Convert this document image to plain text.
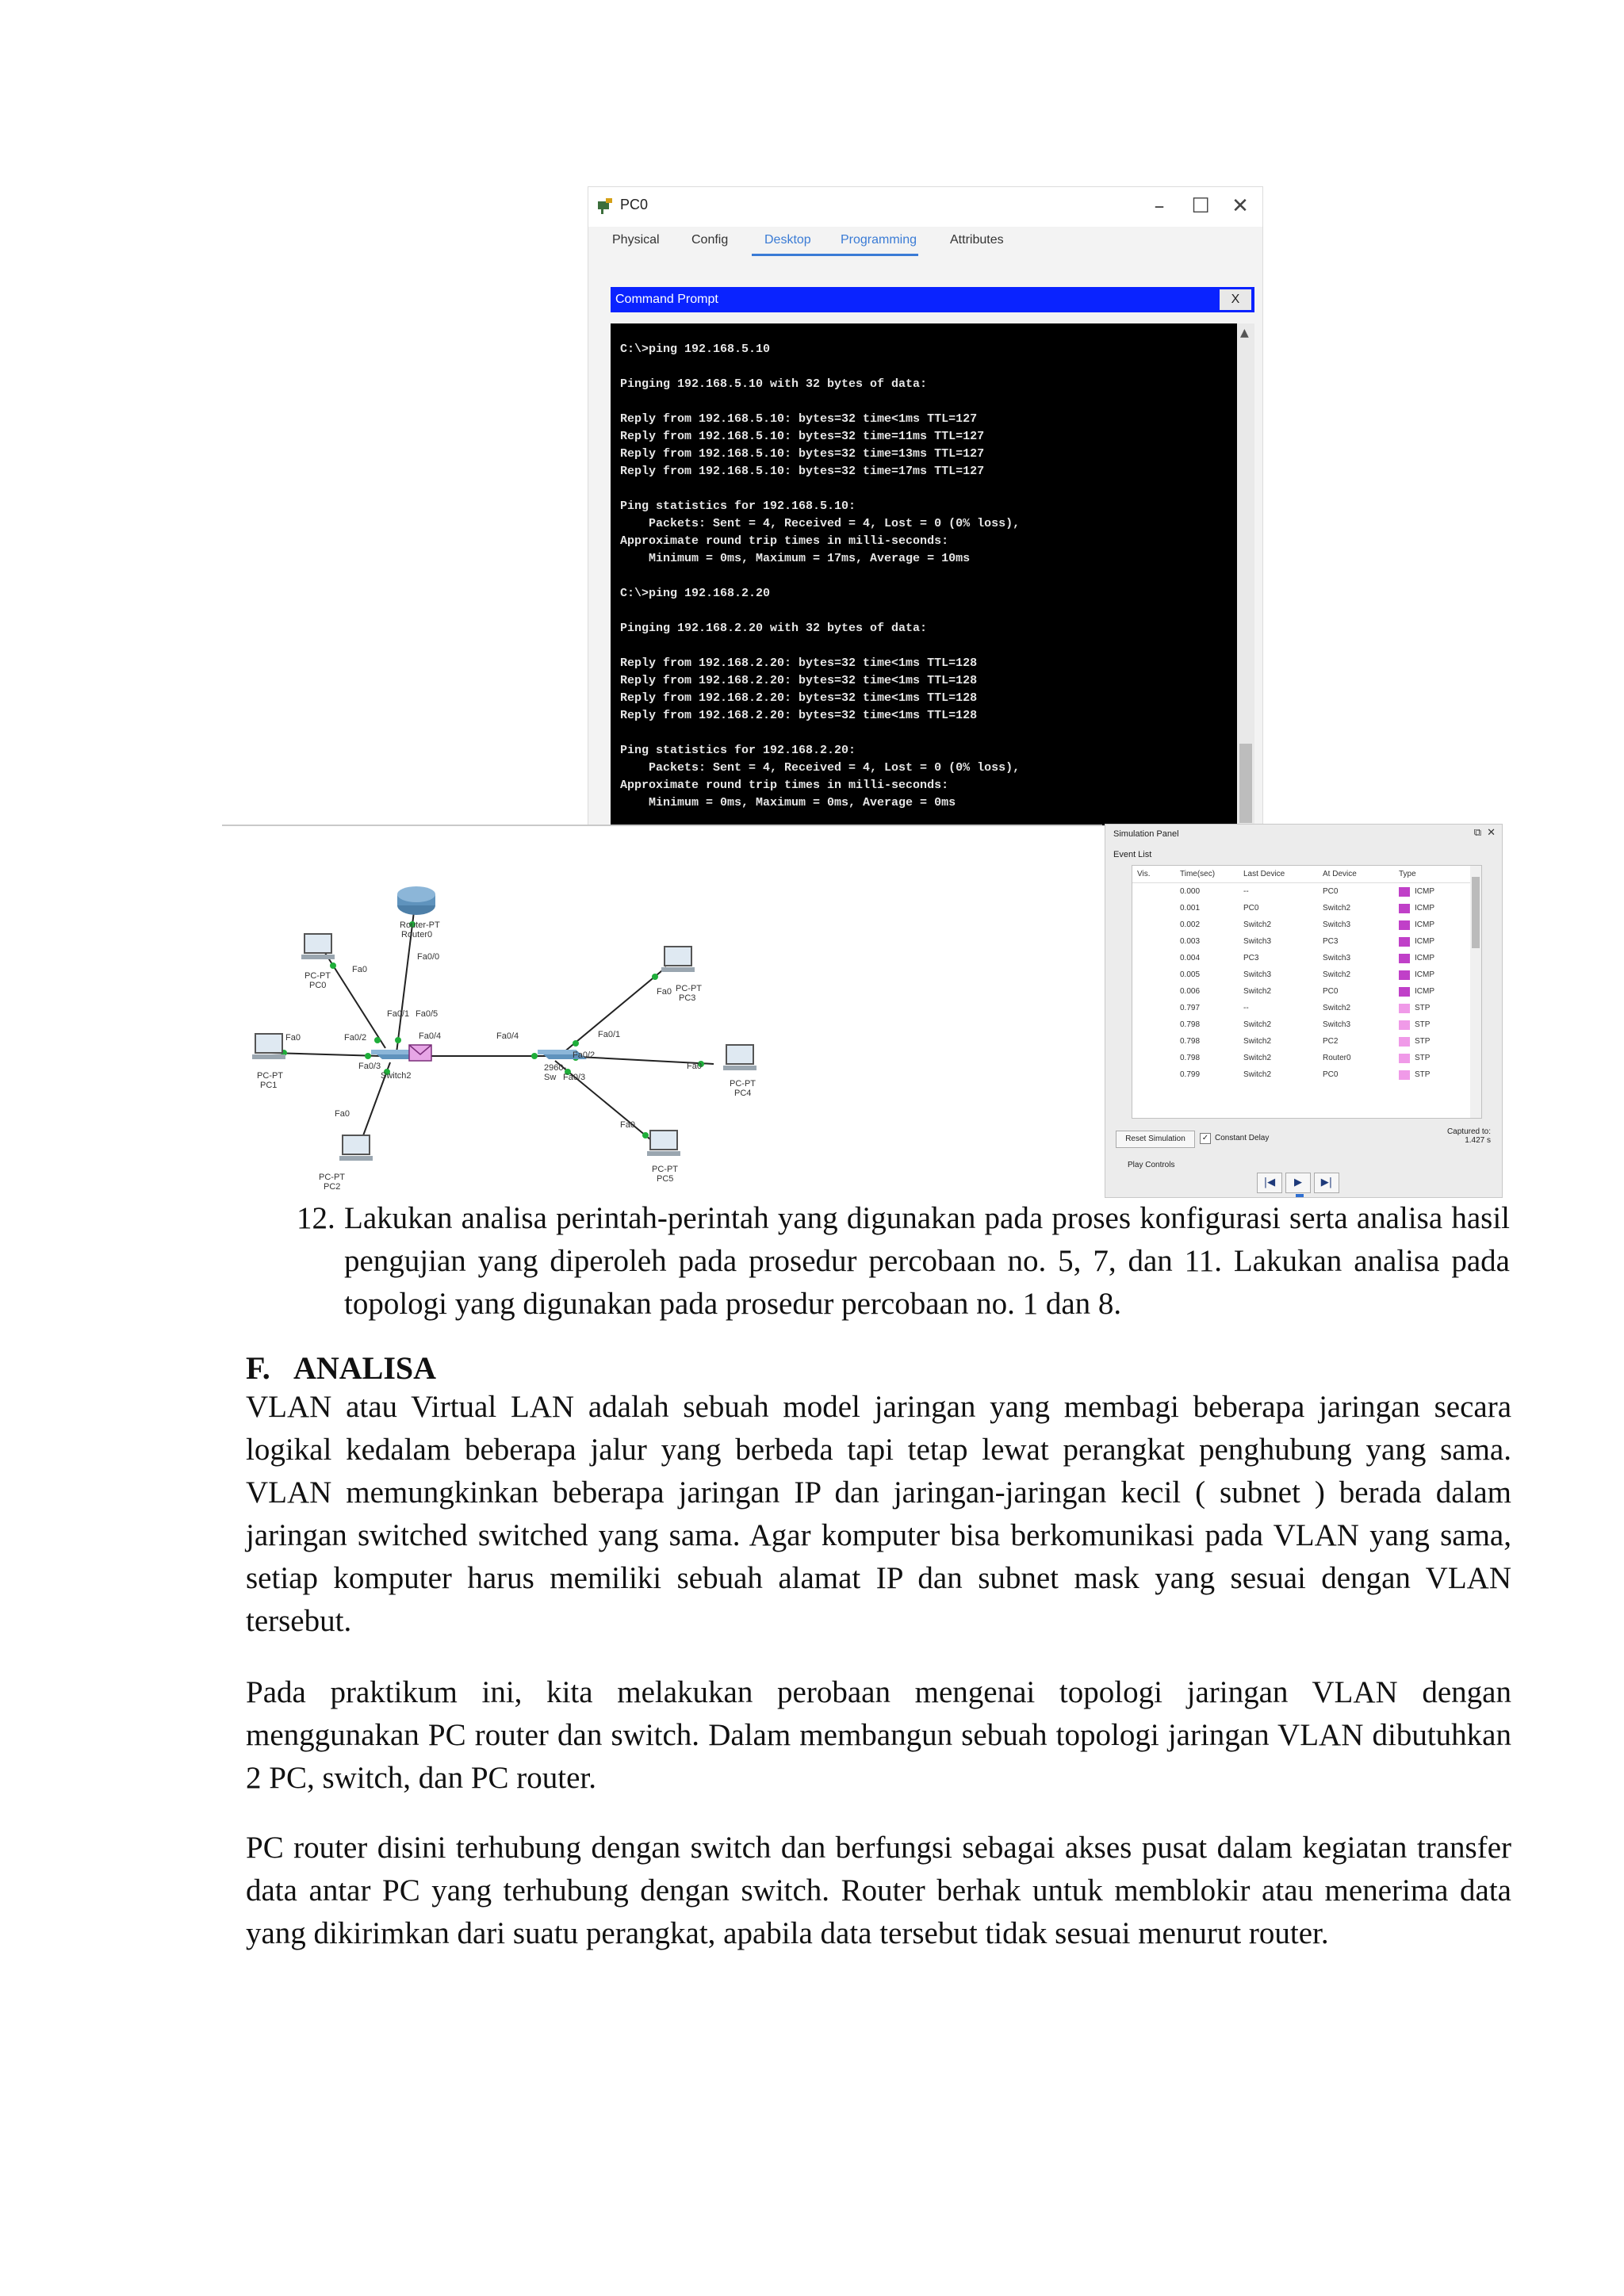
PC0	–	☐	✕
Physical	Config	Desktop Programming	Attributes
Command Prompt	X
C:\>ping 192.168.5.10
Pinging 192.168.5.10 with 32 bytes of data:
Reply from 192.168.5.10: bytes=32 time<1ms TTL=127
Reply from 192.168.5.10: bytes=32 time=11ms TTL=127
Reply from 192.168.5.10: bytes=32 time=13ms TTL=127
Reply from 192.168.5.10: bytes=32 time=17ms TTL=127
Ping statistics for 192.168.5.10:
Packets: Sent = 4, Received = 4, Lost = 0 (0% loss),
Approximate round trip times in milli-seconds:
Minimum = 0ms, Maximum = 17ms, Average = 10ms
C:\>ping 192.168.2.20
Pinging 192.168.2.20 with 32 bytes of data:
Reply from 192.168.2.20: bytes=32 time<1ms TTL=128
Reply from 192.168.2.20: bytes=32 time<1ms TTL=128
Reply from 192.168.2.20: bytes=32 time<1ms TTL=128
Reply from 192.168.2.20: bytes=32 time<1ms TTL=128
Ping statistics for 192.168.2.20:
Packets: Sent = 4, Received = 4, Lost = 0 (0% loss),
Approximate round trip times in milli-seconds:
Minimum = 0ms, Maximum = 0ms, Average = 0ms
▲
Router-PT
Router0
Fa0/0
Switch2
Fa0/1 Fa0/5
Fa0/2
Fa0/3
Fa0/4
2960-
Sw
Fa0/4	Fa0/1
Fa0/2
Fa0/3
PC-PT
PC0
Fa0
PC-PT
PC1
Fa0
PC-PT
PC2
Fa0
PC-PT
PC3
Fa0
PC-PT
PC4
Fa0
PC-PT
PC5
Fa0
Simulation Panel	⧉ ✕
Event List
Vis.	Time(sec)	Last Device	At Device	Type
0.000	--	PC0	ICMP
0.001	PC0	Switch2	ICMP
0.002	Switch2	Switch3	ICMP
0.003	Switch3	PC3	ICMP
0.004	PC3	Switch3	ICMP
0.005	Switch3	Switch2	ICMP
0.006	Switch2	PC0	ICMP
0.797	--	Switch2	STP
0.798	Switch2	Switch3	STP
0.798	Switch2	PC2	STP
0.798	Switch2	Router0	STP
0.799	Switch2	PC0	STP
Reset Simulation	✓ Constant Delay
Captured to:
1.427 s
Play Controls
|◀	▶	▶|
12. Lakukan analisa perintah-perintah yang digunakan pada proses konfigurasi serta analisa hasil pengujian yang diperoleh pada prosedur percobaan no. 5, 7, dan 11. Lakukan analisa pada topologi yang digunakan pada prosedur percobaan no. 1 dan 8.
F. ANALISA

VLAN atau Virtual LAN adalah sebuah model jaringan yang membagi beberapa jaringan secara logikal kedalam beberapa jalur yang berbeda tapi tetap lewat perangkat penghubung yang sama. VLAN memungkinkan beberapa jaringan IP dan jaringan-jaringan kecil ( subnet ) berada dalam jaringan switched switched yang sama. Agar komputer bisa berkomunikasi pada VLAN yang sama, setiap komputer harus memiliki sebuah alamat IP dan subnet mask yang sesuai dengan VLAN tersebut.

Pada praktikum ini, kita melakukan perobaan mengenai topologi jaringan VLAN dengan menggunakan PC router dan switch. Dalam membangun sebuah topologi jaringan VLAN dibutuhkan 2 PC, switch, dan PC router.

PC router disini terhubung dengan switch dan berfungsi sebagai akses pusat dalam kegiatan transfer data antar PC yang terhubung dengan switch. Router berhak untuk memblokir atau menerima data yang dikirimkan dari suatu perangkat, apabila data tersebut tidak sesuai menurut router.
